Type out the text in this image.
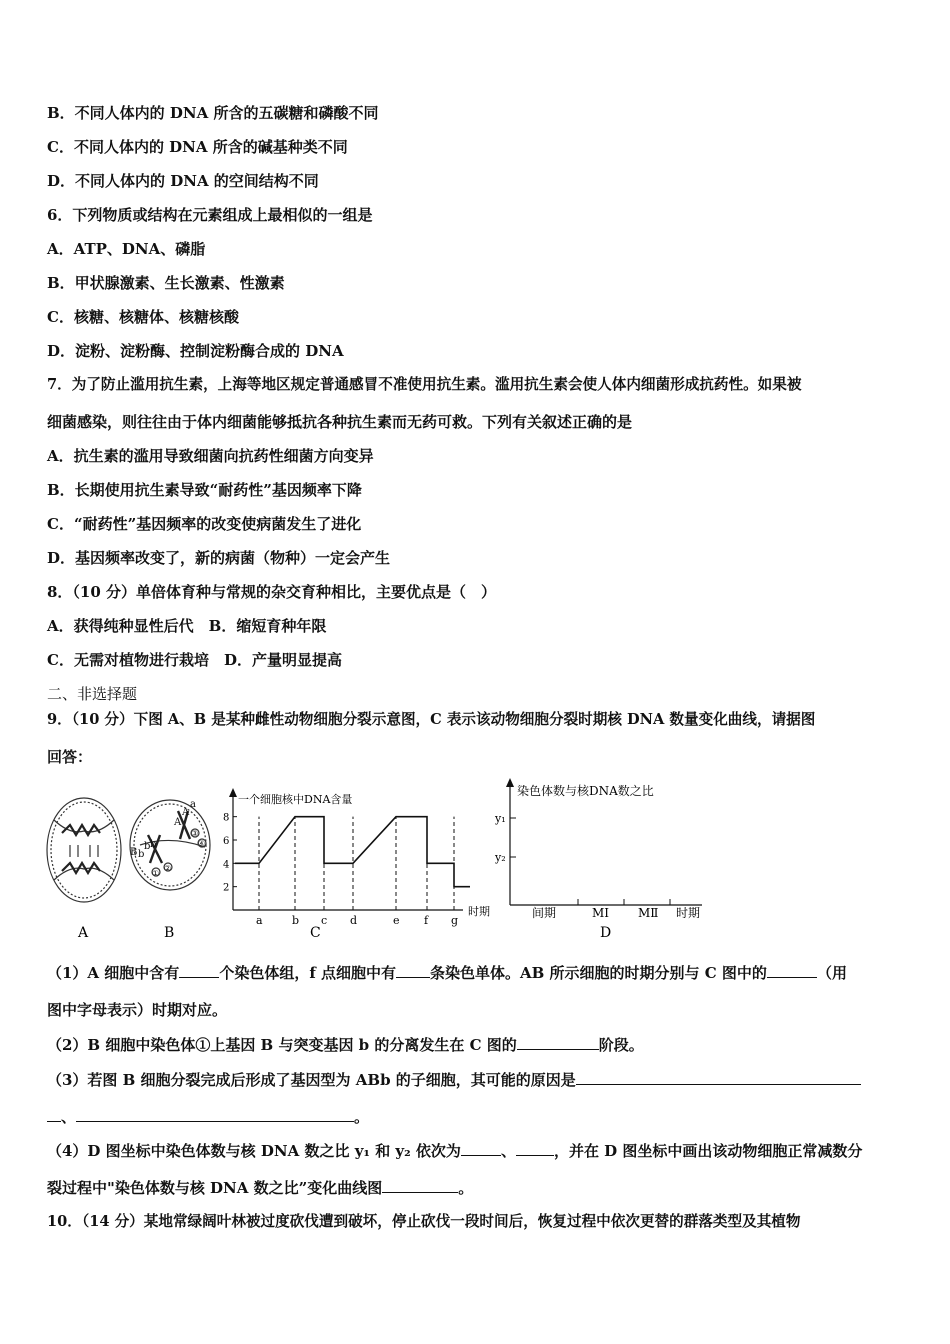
B．不同人体内的 DNA 所含的五碳糖和磷酸不同
C．不同人体内的 DNA 所含的碱基种类不同
D．不同人体内的 DNA 的空间结构不同
6．下列物质或结构在元素组成上最相似的一组是
A．ATP、DNA、磷脂
B．甲状腺激素、生长激素、性激素
C．核糖、核糖体、核糖核酸
D．淀粉、淀粉酶、控制淀粉酶合成的 DNA
7．为了防止滥用抗生素，上海等地区规定普通感冒不准使用抗生素。滥用抗生素会使人体内细菌形成抗药性。如果被
细菌感染，则往往由于体内细菌能够抵抗各种抗生素而无药可救。下列有关叙述正确的是
A．抗生素的滥用导致细菌向抗药性细菌方向变异
B．长期使用抗生素导致“耐药性”基因频率下降
C．“耐药性”基因频率的改变使病菌发生了进化
D．基因频率改变了，新的病菌（物种）一定会产生
8．（10 分）单倍体育种与常规的杂交育种相比，主要优点是（　）
A．获得纯种显性后代　B．缩短育种年限
C．无需对植物进行栽培　D．产量明显提高
二、非选择题
9．（10 分）下图 A、B 是某种雌性动物细胞分裂示意图，C 表示该动物细胞分裂时期核 DNA 数量变化曲线，请据图
回答：
A
A
a
B b
b b
A
①
②
③
④
B
一个细胞核中DNA含量
时期
2
4
6
8
a	b c d	e f g
C
染色体数与核DNA数之比
y₁
y₂
间期	MⅠ MⅡ 时期
D
（1）A 细胞中含有	个染色体组，f 点细胞中有 条染色单体。AB 所示细胞的时期分别与 C 图中的	（用
图中字母表示）时期对应。
（2）B 细胞中染色体①上基因 B 与突变基因 b 的分离发生在 C 图的	阶段。
（3）若图 B 细胞分裂完成后形成了基因型为 ABb 的子细胞，其可能的原因是
、	。
（4）D 图坐标中染色体数与核 DNA 数之比 y₁ 和 y₂ 依次为	、	，并在 D 图坐标中画出该动物细胞正常减数分
裂过程中"染色体数与核 DNA 数之比”变化曲线图	。
10．（14 分）某地常绿阔叶林被过度砍伐遭到破坏，停止砍伐一段时间后，恢复过程中依次更替的群落类型及其植物
